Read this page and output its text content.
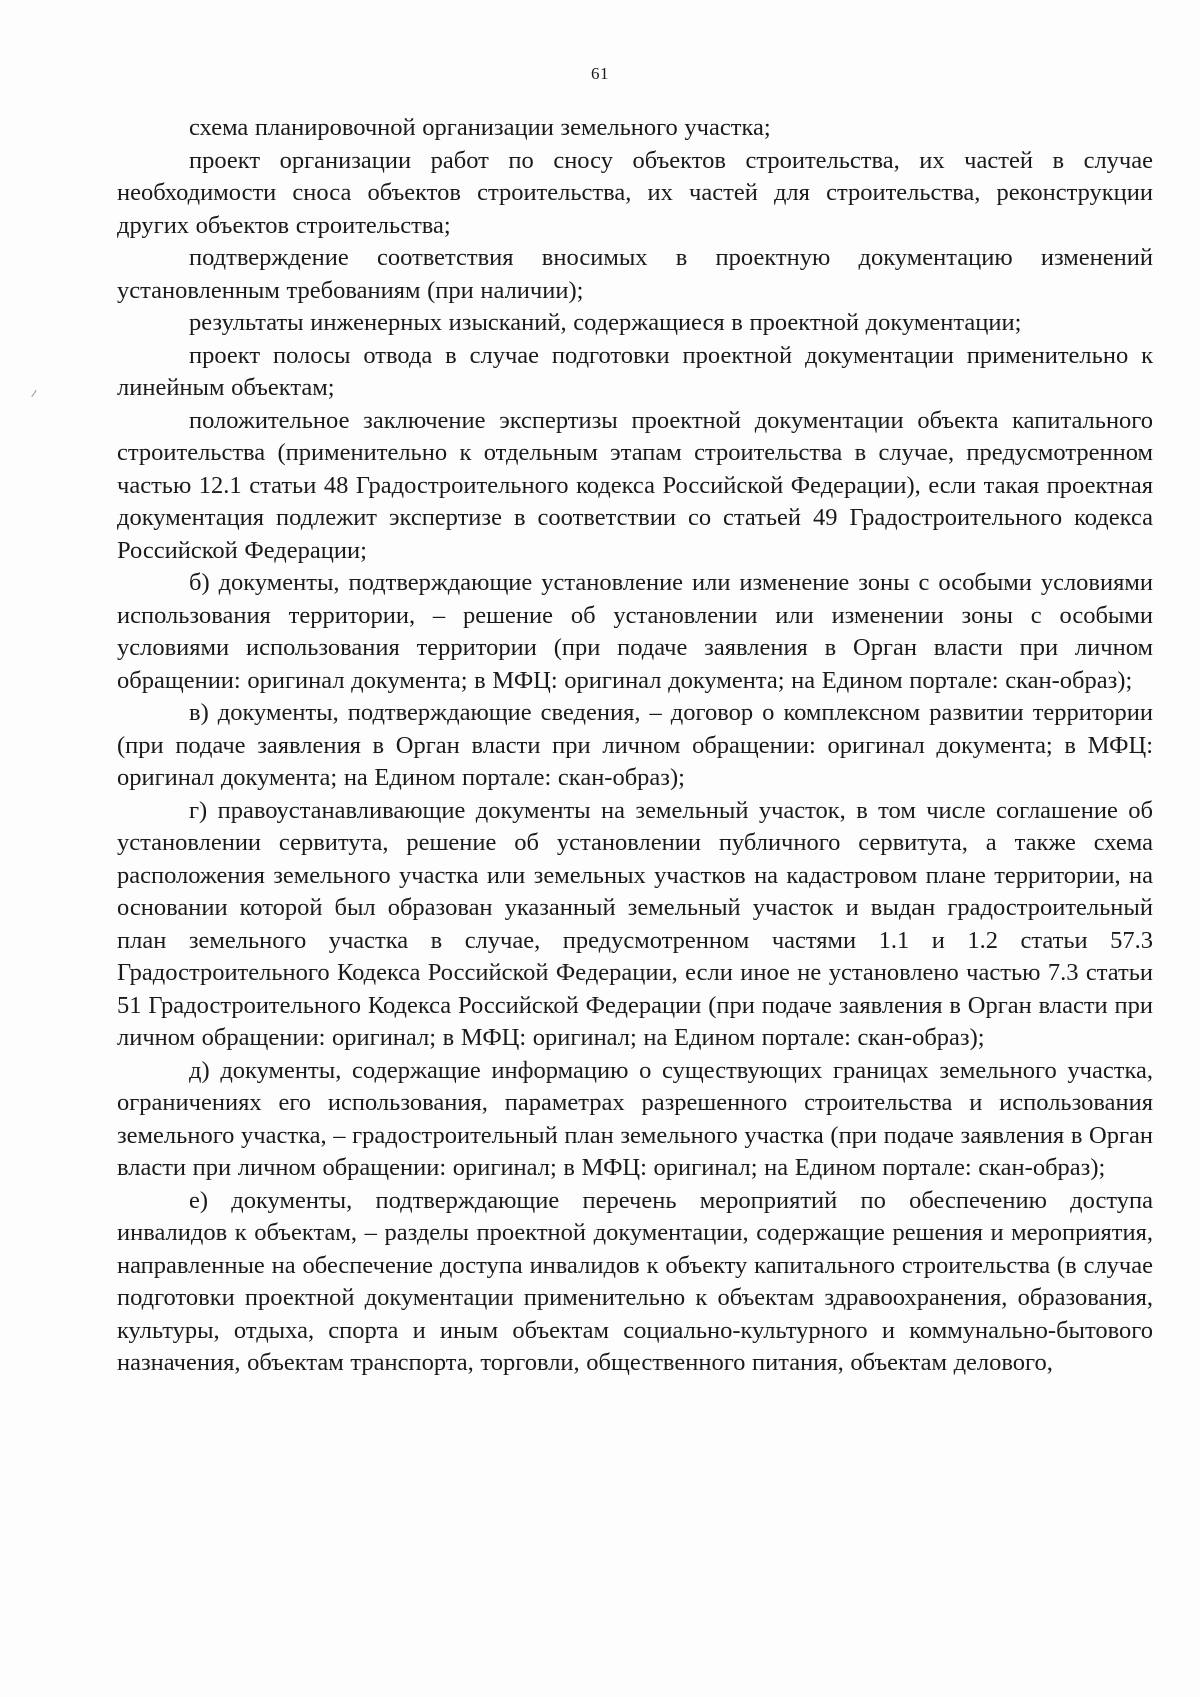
61

схема планировочной организации земельного участка;

проект организации работ по сносу объектов строительства, их частей в случае необходимости сноса объектов строительства, их частей для строительства, реконструкции других объектов строительства;

подтверждение соответствия вносимых в проектную документацию изменений установленным требованиям (при наличии);

результаты инженерных изысканий, содержащиеся в проектной документации;

проект полосы отвода в случае подготовки проектной документации применительно к линейным объектам;

положительное заключение экспертизы проектной документации объекта капитального строительства (применительно к отдельным этапам строительства в случае, предусмотренном частью 12.1 статьи 48 Градостроительного кодекса Российской Федерации), если такая проектная документация подлежит экспертизе в соответствии со статьей 49 Градостроительного кодекса Российской Федерации;

б) документы, подтверждающие установление или изменение зоны с особыми условиями использования территории, – решение об установлении или изменении зоны с особыми условиями использования территории (при подаче заявления в Орган власти при личном обращении: оригинал документа; в МФЦ: оригинал документа; на Едином портале: скан-образ);

в) документы, подтверждающие сведения, – договор о комплексном развитии территории (при подаче заявления в Орган власти при личном обращении: оригинал документа; в МФЦ: оригинал документа; на Едином портале: скан-образ);

г) правоустанавливающие документы на земельный участок, в том числе соглашение об установлении сервитута, решение об установлении публичного сервитута, а также схема расположения земельного участка или земельных участков на кадастровом плане территории, на основании которой был образован указанный земельный участок и выдан градостроительный план земельного участка в случае, предусмотренном частями 1.1 и 1.2 статьи 57.3 Градостроительного Кодекса Российской Федерации, если иное не установлено частью 7.3 статьи 51 Градостроительного Кодекса Российской Федерации (при подаче заявления в Орган власти при личном обращении: оригинал; в МФЦ: оригинал; на Едином портале: скан-образ);

д) документы, содержащие информацию о существующих границах земельного участка, ограничениях его использования, параметрах разрешенного строительства и использования земельного участка, – градостроительный план земельного участка (при подаче заявления в Орган власти при личном обращении: оригинал; в МФЦ: оригинал; на Едином портале: скан-образ);

е) документы, подтверждающие перечень мероприятий по обеспечению доступа инвалидов к объектам, – разделы проектной документации, содержащие решения и мероприятия, направленные на обеспечение доступа инвалидов к объекту капитального строительства (в случае подготовки проектной документации применительно к объектам здравоохранения, образования, культуры, отдыха, спорта и иным объектам социально-культурного и коммунально-бытового назначения, объектам транспорта, торговли, общественного питания, объектам делового,
